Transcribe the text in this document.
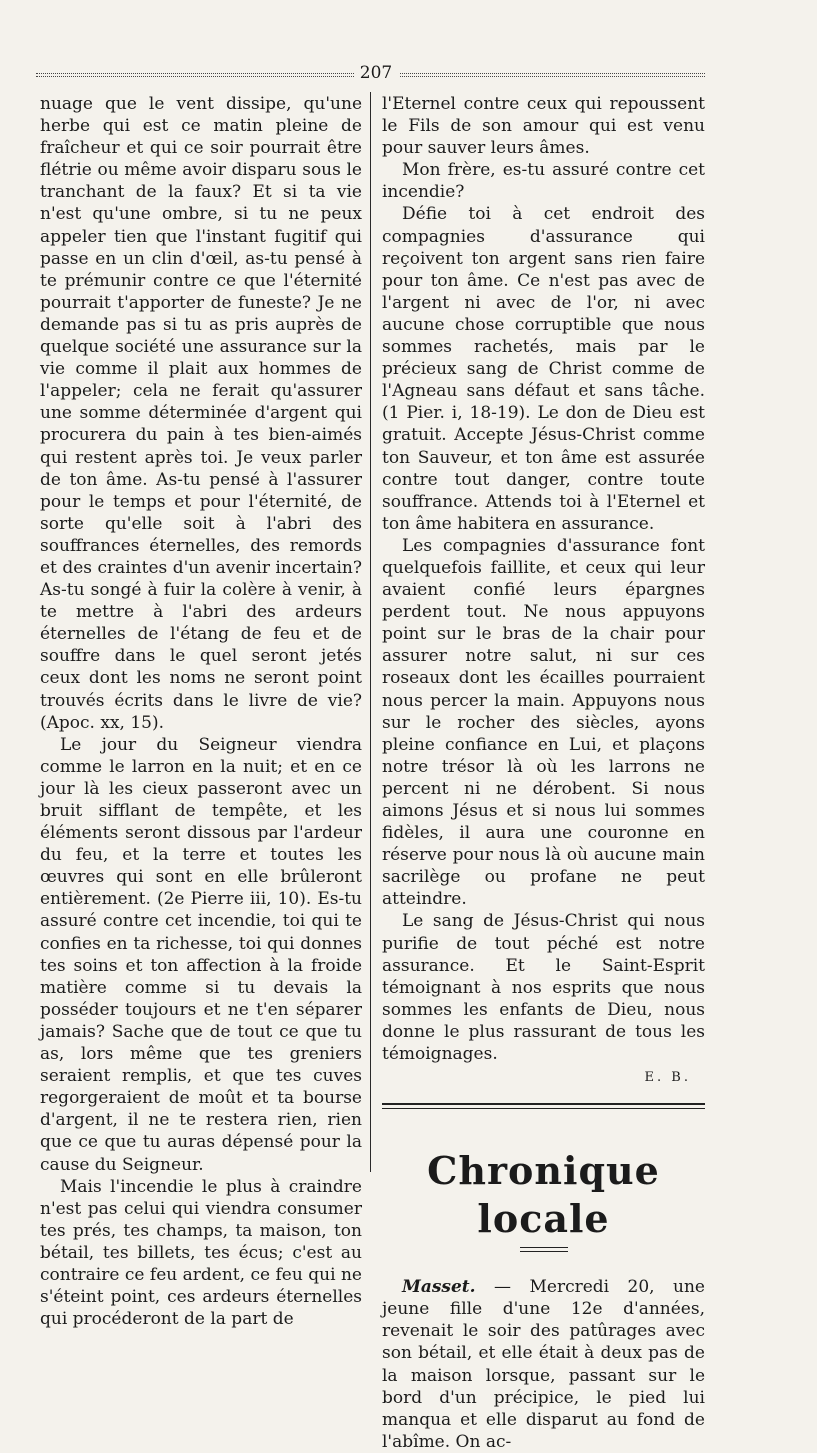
207

nuage que le vent dissipe, qu'une herbe qui est ce matin pleine de fraîcheur et qui ce soir pourrait être flétrie ou même avoir disparu sous le tranchant de la faux? Et si ta vie n'est qu'une ombre, si tu ne peux appeler tien que l'instant fugitif qui passe en un clin d'œil, as-tu pensé à te prémunir contre ce que l'éternité pourrait t'apporter de funeste? Je ne demande pas si tu as pris auprès de quelque société une assurance sur la vie comme il plait aux hommes de l'appeler; cela ne ferait qu'assurer une somme déterminée d'argent qui procurera du pain à tes bien-aimés qui restent après toi. Je veux parler de ton âme. As-tu pensé à l'assurer pour le temps et pour l'éternité, de sorte qu'elle soit à l'abri des souffrances éternelles, des remords et des craintes d'un avenir incertain? As-tu songé à fuir la colère à venir, à te mettre à l'abri des ardeurs éternelles de l'étang de feu et de souffre dans le quel seront jetés ceux dont les noms ne seront point trouvés écrits dans le livre de vie? (Apoc. xx, 15).

Le jour du Seigneur viendra comme le larron en la nuit; et en ce jour là les cieux passeront avec un bruit sifflant de tempête, et les éléments seront dissous par l'ardeur du feu, et la terre et toutes les œuvres qui sont en elle brûleront entièrement. (2e Pierre iii, 10). Es-tu assuré contre cet incendie, toi qui te confies en ta richesse, toi qui donnes tes soins et ton affection à la froide matière comme si tu devais la posséder toujours et ne t'en séparer jamais? Sache que de tout ce que tu as, lors même que tes greniers seraient remplis, et que tes cuves regorgeraient de moût et ta bourse d'argent, il ne te restera rien, rien que ce que tu auras dépensé pour la cause du Seigneur.

Mais l'incendie le plus à craindre n'est pas celui qui viendra consumer tes prés, tes champs, ta maison, ton bétail, tes billets, tes écus; c'est au contraire ce feu ardent, ce feu qui ne s'éteint point, ces ardeurs éternelles qui procéderont de la part de

l'Eternel contre ceux qui repoussent le Fils de son amour qui est venu pour sauver leurs âmes.

Mon frère, es-tu assuré contre cet incendie?

Défie toi à cet endroit des compagnies d'assurance qui reçoivent ton argent sans rien faire pour ton âme. Ce n'est pas avec de l'argent ni avec de l'or, ni avec aucune chose corruptible que nous sommes rachetés, mais par le précieux sang de Christ comme de l'Agneau sans défaut et sans tâche. (1 Pier. i, 18-19). Le don de Dieu est gratuit. Accepte Jésus-Christ comme ton Sauveur, et ton âme est assurée contre tout danger, contre toute souffrance. Attends toi à l'Eternel et ton âme habitera en assurance.

Les compagnies d'assurance font quelquefois faillite, et ceux qui leur avaient confié leurs épargnes perdent tout. Ne nous appuyons point sur le bras de la chair pour assurer notre salut, ni sur ces roseaux dont les écailles pourraient nous percer la main. Appuyons nous sur le rocher des siècles, ayons pleine confiance en Lui, et plaçons notre trésor là où les larrons ne percent ni ne dérobent. Si nous aimons Jésus et si nous lui sommes fidèles, il aura une couronne en réserve pour nous là où aucune main sacrilège ou profane ne peut atteindre.

Le sang de Jésus-Christ qui nous purifie de tout péché est notre assurance. Et le Saint-Esprit témoignant à nos esprits que nous sommes les enfants de Dieu, nous donne le plus rassurant de tous les témoignages.

E. B.
Chronique locale

Masset. — Mercredi 20, une jeune fille d'une 12e d'années, revenait le soir des patûrages avec son bétail, et elle était à deux pas de la maison lorsque, passant sur le bord d'un précipice, le pied lui manqua et elle disparut au fond de l'abîme. On ac-
